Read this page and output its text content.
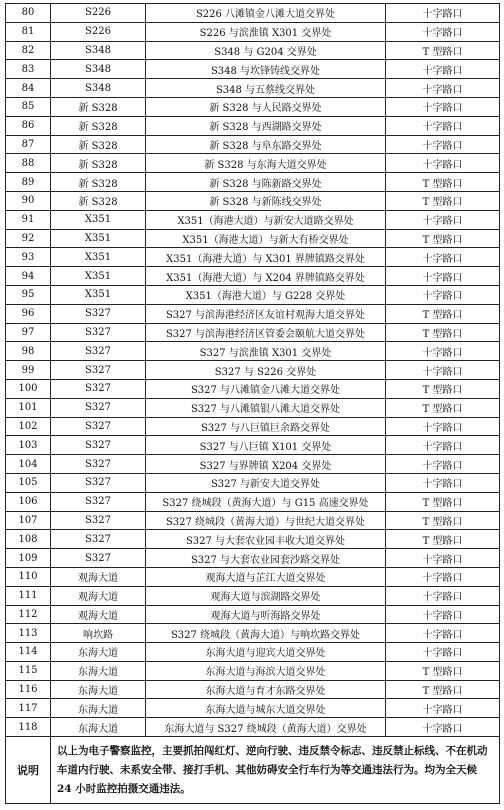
80	S226	S226 八滩镇金八滩大道交界处	十字路口
81	S226	S226 与滨淮镇 X301 交界处	十字路口
82	S348	S348 与 G204 交界处	T 型路口
83	S348	S348 与坎锋铸线交界处	十字路口
84	S348	S348 与五蔡线交界处	十字路口
85	新 S328	新 S328 与人民路交界处	十字路口
86	新 S328	新 S328 与西湖路交界处	十字路口
87	新 S328	新 S328 与阜东路交界处	十字路口
88	新 S328	新 S328 与东海大道交界处	十字路口
89	新 S328	新 S328 与陈新路交界处	T 型路口
90	新 S328	新 S328 与新陈线交界处	T 型路口
91	X351	X351（海港大道）与新安大道路交界处	十字路口
92	X351	X351（海港大道）与新大有桥交界处	T 型路口
93	X351	X351（海港大道）与 X301 界牌镇路交界处	十字路口
94	X351	X351（海港大道）与 X204 界牌镇路交界处	十字路口
95	X351	X351（海港大道）与 G228 交界处	十字路口
96	S327	S327 与滨海港经济区友谊村观海大道交界处	T 型路口
97	S327	S327 与滨海港经济区管委会颐航大道交界处	T 型路口
98	S327	S327 与滨淮镇 X301 交界处	十字路口
99	S327	S327 与 S226 交界处	十字路口
100	S327	S327 与八滩镇金八滩大道交界处	T 型路口
101	S327	S327 与八滩镇银八滩大道交界处	T 型路口
102	S327	S327 与八巨镇巨余路交界处	十字路口
103	S327	S327 与八巨镇 X101 交界处	十字路口
104	S327	S327 与界牌镇 X204 交界处	十字路口
105	S327	S327 与新安大道交界处	十字路口
106	S327	S327 绕城段（黄海大道）与 G15 高速交界处	T 型路口
107	S327	S327 绕城段（黄海大道）与世纪大道交界处	T 型路口
108	S327	S327 与大套农业园丰收大道交界处	T 型路口
109	S327	S327 与大套农业园套沙路交界处	十字路口
110	观海大道	观海大道与芷江大道交界处	十字路口
111	观海大道	观海大道与滨湖路交界处	十字路口
112	观海大道	观海大道与听海路交界处	十字路口
113	响坎路	S327 绕城段（黄海大道）与响坎路交界处	十字路口
114	东海大道	东海大道与迎宾大道交界处	十字路口
115	东海大道	东海大道与海滨大道交界处	T 型路口
116	东海大道	东海大道与育才东路交界处	T 型路口
117	东海大道	东海大道与城东大道交界处	十字路口
118	东海大道	东海大道与 S327 绕城段（黄海大道）交界处	十字路口
说明	以上为电子警察监控，主要抓拍闯红灯、逆向行驶、违反禁令标志、违反禁止标线、不在机动车道内行驶、未系安全带、接打手机、其他妨碍安全行车行为等交通违法行为。均为全天候 24 小时监控拍摄交通违法。		
